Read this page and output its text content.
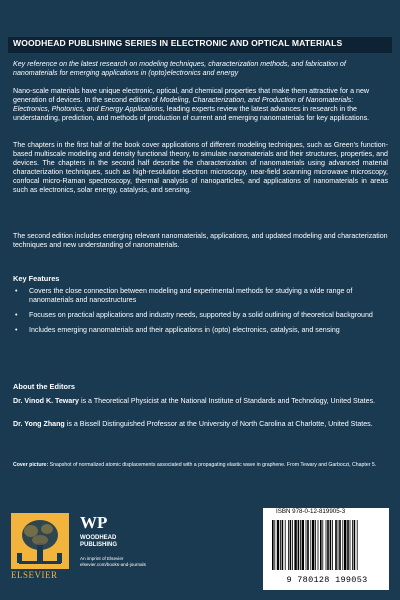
WOODHEAD PUBLISHING SERIES IN ELECTRONIC AND OPTICAL MATERIALS
Key reference on the latest research on modeling techniques, characterization methods, and fabrication of nanomaterials for emerging applications in (opto)electronics and energy
Nano-scale materials have unique electronic, optical, and chemical properties that make them attractive for a new generation of devices. In the second edition of Modeling, Characterization, and Production of Nanomaterials: Electronics, Photonics, and Energy Applications, leading experts review the latest advances in research in the understanding, prediction, and methods of production of current and emerging nanomaterials for key applications.
The chapters in the first half of the book cover applications of different modeling techniques, such as Green's function-based multiscale modeling and density functional theory, to simulate nanomaterials and their structures, properties, and devices. The chapters in the second half describe the characterization of nanomaterials using advanced material characterization techniques, such as high-resolution electron microscopy, near-field scanning microwave microscopy, confocal micro-Raman spectroscopy, thermal analysis of nanoparticles, and applications of nanomaterials in areas such as electronics, solar energy, catalysis, and sensing.
The second edition includes emerging relevant nanomaterials, applications, and updated modeling and characterization techniques and new understanding of nanomaterials.
Key Features
• Covers the close connection between modeling and experimental methods for studying a wide range of nanomaterials and nanostructures
• Focuses on practical applications and industry needs, supported by a solid outlining of theoretical background
• Includes emerging nanomaterials and their applications in (opto) electronics, catalysis, and sensing
About the Editors
Dr. Vinod K. Tewary is a Theoretical Physicist at the National Institute of Standards and Technology, United States.
Dr. Yong Zhang is a Bissell Distinguished Professor at the University of North Carolina at Charlotte, United States.
Cover picture: Snapshot of normalized atomic displacements associated with a propagating elastic wave in graphene. From Tewary and Garboczi, Chapter 5.
ELSEVIER
WP
WOODHEAD
PUBLISHING
An imprint of Elsevier
elsevier.com/books-and-journals
ISBN 978-0-12-819905-3
9 780128 199053
